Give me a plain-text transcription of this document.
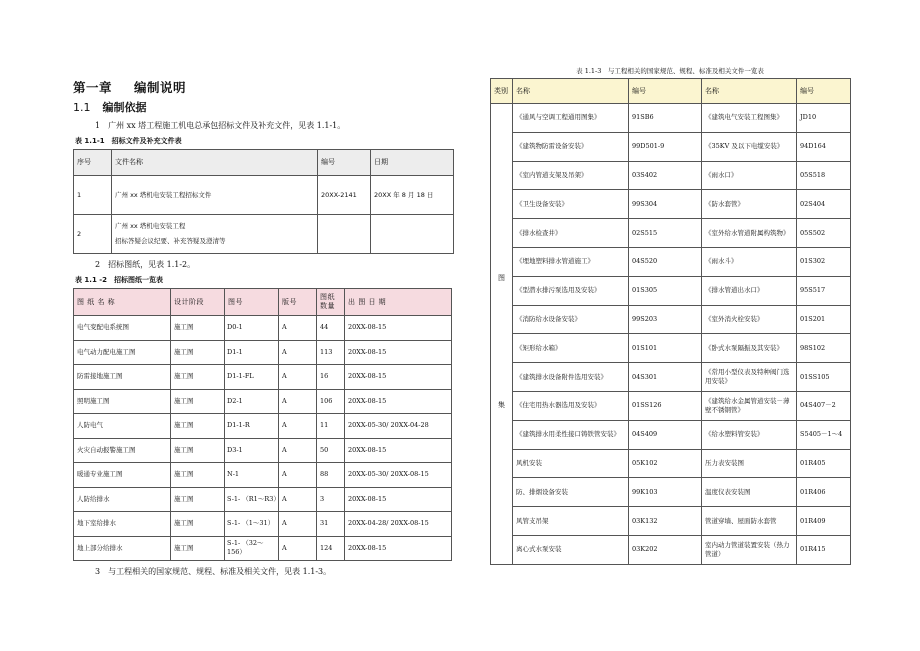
第一章 编制说明
1.1 编制依据

1　广州 xx 塔工程施工机电总承包招标文件及补充文件，见表 1.1-1。

表 1.1-1　招标文件及补充文件表

序号	文件名称	编号	日期
1	广州 xx 塔机电安装工程招标文件	20XX-2141	20XX 年 8 月 18 日
2	广州 xx 塔机电安装工程
招标答疑会议纪要、补充答疑及澄清等		

2　招标图纸，见表 1.1-2。

表 1.1 -2　招标图纸一览表

图 纸 名 称	设计阶段	图号	版号	图纸数量	出 图 日 期
电气变配电系统图	施工图	D0-1	A	44	20XX-08-15
电气动力配电施工图	施工图	D1-1	A	113	20XX-08-15
防雷接地施工图	施工图	D1-1-FL	A	16	20XX-08-15
照明施工图	施工图	D2-1	A	106	20XX-08-15
人防电气	施工图	D1-1-R	A	11	20XX-05-30/ 20XX-04-28
火灾自动报警施工图	施工图	D3-1	A	50	20XX-08-15
暖通专业施工图	施工图	N-1	A	88	20XX-05-30/ 20XX-08-15
人防给排水	施工图	S-1- （R1～R3）	A	3	20XX-08-15
地下室给排水	施工图	S-1- （1～31）	A	31	20XX-04-28/ 20XX-08-15
地上部分给排水	施工图	S-1- （32～ 156）	A	124	20XX-08-15

3　与工程相关的国家规范、规程、标准及相关文件，见表 1.1-3。

表 1.1-3　与工程相关的国家规范、规程、标准及相关文件一览表

类别	名称	编号	名称	编号
图
集	《通风与空调工程通用图集》	91SB6	《建筑电气安装工程图集》	JD10
	《建筑物防雷设备安装》	99D501-9	《35KV 及以下电缆安装》	94D164
	《室内管道支架及吊架》	03S402	《雨水口》	05S518
	《卫生设备安装》	99S304	《防水套管》	02S404
	《排水检查井》	02S515	《室外给水管道附属构筑物》	05S502
	《埋地塑料排水管道施工》	04S520	《雨水斗》	01S302
	《型潜水排污泵选用及安装》	01S305	《排水管道出水口》	95S517
	《消防给水设备安装》	99S203	《室外消火栓安装》	01S201
	《矩形给水箱》	01S101	《卧式水泵隔振及其安装》	98S102
	《建筑排水设备附件选用安装》	04S301	《常用小型仪表及特种阀门选用安装》	01SS105
	《住宅用热水器选用及安装》	01SS126	《建筑给水金属管道安装－薄壁不锈钢管》	04S407－2
	《建筑排水用柔性接口铸铁管安装》	04S409	《给水塑料管安装》	S5405－1～4
	风机安装	05K102	压力表安装图	01R405
	防、排烟设备安装	99K103	温度仪表安装图	01R406
	风管支吊架	03K132	管道穿墙、屋面防水套管	01R409
	离心式水泵安装	03K202	室内动力管道装置安装（热力管道）	01R415
